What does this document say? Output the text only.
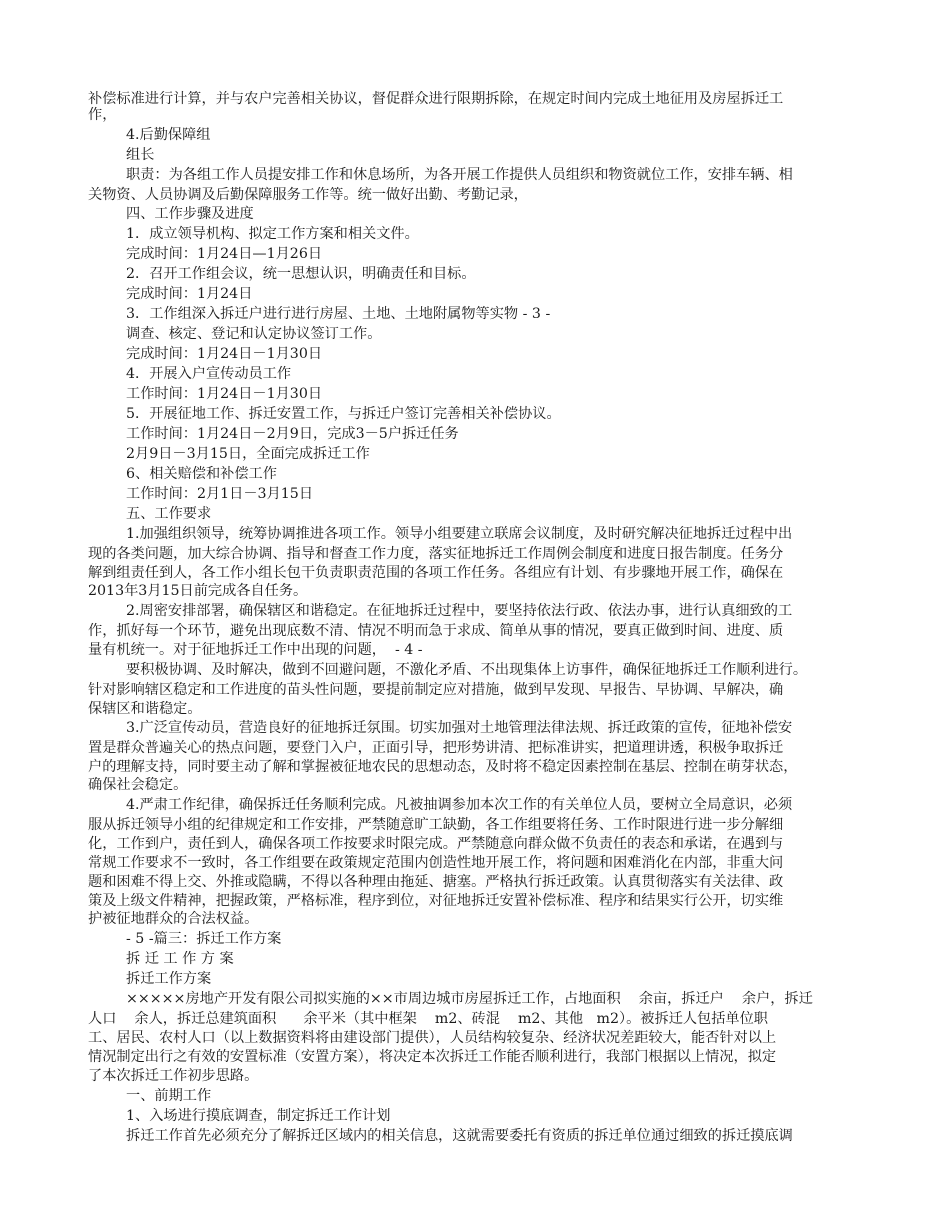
补偿标准进行计算，并与农户完善相关协议，督促群众进行限期拆除，在规定时间内完成土地征用及房屋拆迁工
作，
4.后勤保障组
组长
职责：为各组工作人员提安排工作和休息场所，为各开展工作提供人员组织和物资就位工作，安排车辆、相
关物资、人员协调及后勤保障服务工作等。统一做好出勤、考勤记录，
四、工作步骤及进度
1．成立领导机构、拟定工作方案和相关文件。
完成时间：1月24日—1月26日
2．召开工作组会议，统一思想认识，明确责任和目标。
完成时间：1月24日
3．工作组深入拆迁户进行进行房屋、土地、土地附属物等实物 - 3 -
调查、核定、登记和认定协议签订工作。
完成时间：1月24日－1月30日
4．开展入户宣传动员工作
工作时间：1月24日－1月30日
5．开展征地工作、拆迁安置工作，与拆迁户签订完善相关补偿协议。
工作时间：1月24日－2月9日，完成3－5户拆迁任务
2月9日－3月15日，全面完成拆迁工作
6、相关赔偿和补偿工作
工作时间：2月1日－3月15日
五、工作要求
1.加强组织领导，统筹协调推进各项工作。领导小组要建立联席会议制度，及时研究解决征地拆迁过程中出
现的各类问题，加大综合协调、指导和督查工作力度，落实征地拆迁工作周例会制度和进度日报告制度。任务分
解到组责任到人，各工作小组长包干负责职责范围的各项工作任务。各组应有计划、有步骤地开展工作，确保在
2013年3月15日前完成各自任务。
2.周密安排部署，确保辖区和谐稳定。在征地拆迁过程中，要坚持依法行政、依法办事，进行认真细致的工
作，抓好每一个环节，避免出现底数不清、情况不明而急于求成、简单从事的情况，要真正做到时间、进度、质
量有机统一。对于征地拆迁工作中出现的问题，  - 4 -
要积极协调、及时解决，做到不回避问题，不激化矛盾、不出现集体上访事件，确保征地拆迁工作顺利进行。
针对影响辖区稳定和工作进度的苗头性问题，要提前制定应对措施，做到早发现、早报告、早协调、早解决，确
保辖区和谐稳定。
3.广泛宣传动员，营造良好的征地拆迁氛围。切实加强对土地管理法律法规、拆迁政策的宣传，征地补偿安
置是群众普遍关心的热点问题，要登门入户，正面引导，把形势讲清、把标准讲实，把道理讲透，积极争取拆迁
户的理解支持，同时要主动了解和掌握被征地农民的思想动态，及时将不稳定因素控制在基层、控制在萌芽状态，
确保社会稳定。
4.严肃工作纪律，确保拆迁任务顺利完成。凡被抽调参加本次工作的有关单位人员，要树立全局意识，必须
服从拆迁领导小组的纪律规定和工作安排，严禁随意旷工缺勤，各工作组要将任务、工作时限进行进一步分解细
化，工作到户，责任到人，确保各项工作按要求时限完成。严禁随意向群众做不负责任的表态和承诺，在遇到与
常规工作要求不一致时，各工作组要在政策规定范围内创造性地开展工作，将问题和困难消化在内部，非重大问
题和困难不得上交、外推或隐瞒，不得以各种理由拖延、搪塞。严格执行拆迁政策。认真贯彻落实有关法律、政
策及上级文件精神，把握政策，严格标准，程序到位，对征地拆迁安置补偿标准、程序和结果实行公开，切实维
护被征地群众的合法权益。
- 5 -篇三：拆迁工作方案
拆 迁 工 作 方 案
拆迁工作方案
×××××房地产开发有限公司拟实施的××市周边城市房屋拆迁工作，占地面积    余亩，拆迁户    余户，拆迁
人口    余人，拆迁总建筑面积      余平米（其中框架    m2、砖混    m2、其他   m2）。被拆迁人包括单位职
工、居民、农村人口（以上数据资料将由建设部门提供），人员结构较复杂、经济状况差距较大，能否针对以上
情况制定出行之有效的安置标准（安置方案），将决定本次拆迁工作能否顺利进行，我部门根据以上情况，拟定
了本次拆迁工作初步思路。
一、前期工作
1、入场进行摸底调查，制定拆迁工作计划
拆迁工作首先必须充分了解拆迁区域内的相关信息，这就需要委托有资质的拆迁单位通过细致的拆迁摸底调
